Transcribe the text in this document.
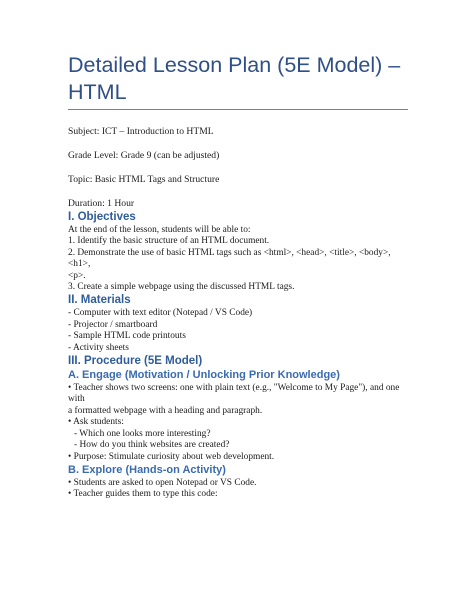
Detailed Lesson Plan (5E Model) – HTML

Subject: ICT – Introduction to HTML

Grade Level: Grade 9 (can be adjusted)

Topic: Basic HTML Tags and Structure

Duration: 1 Hour

I. Objectives

At the end of the lesson, students will be able to:

1. Identify the basic structure of an HTML document.

2. Demonstrate the use of basic HTML tags such as <html>, <head>, <title>, <body>, <h1>,

<p>.

3. Create a simple webpage using the discussed HTML tags.

II. Materials

- Computer with text editor (Notepad / VS Code)

- Projector / smartboard

- Sample HTML code printouts

- Activity sheets

III. Procedure (5E Model)
A. Engage (Motivation / Unlocking Prior Knowledge)

• Teacher shows two screens: one with plain text (e.g., "Welcome to My Page"), and one with

a formatted webpage with a heading and paragraph.

• Ask students:

- Which one looks more interesting?

- How do you think websites are created?

• Purpose: Stimulate curiosity about web development.

B. Explore (Hands-on Activity)

• Students are asked to open Notepad or VS Code.

• Teacher guides them to type this code:
